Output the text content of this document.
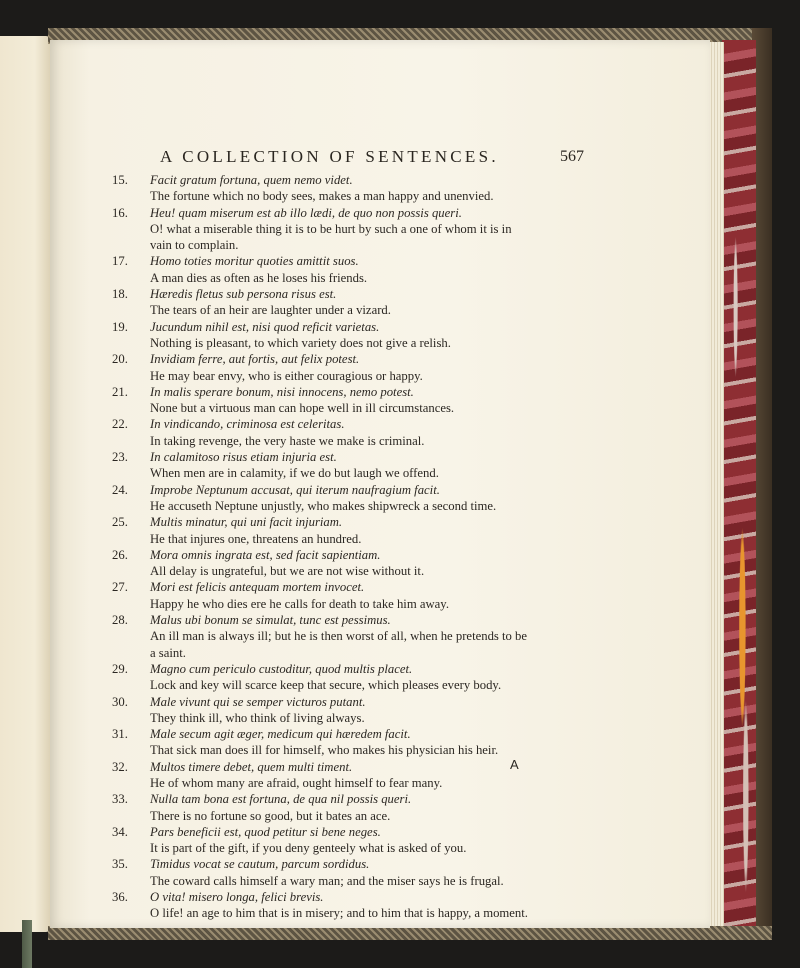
A COLLECTION OF SENTENCES.	567
15.	Facit gratum fortuna, quem nemo videt.
The fortune which no body sees, makes a man happy and unenvied.
16.	Heu! quam miserum est ab illo lædi, de quo non possis queri.
O! what a miserable thing it is to be hurt by such a one of whom it is in
vain to complain.
17.	Homo toties moritur quoties amittit suos.
A man dies as often as he loses his friends.
18.	Hæredis fletus sub persona risus est.
The tears of an heir are laughter under a vizard.
19.	Jucundum nihil est, nisi quod reficit varietas.
Nothing is pleasant, to which variety does not give a relish.
20.	Invidiam ferre, aut fortis, aut felix potest.
He may bear envy, who is either couragious or happy.
21.	In malis sperare bonum, nisi innocens, nemo potest.
None but a virtuous man can hope well in ill circumstances.
22.	In vindicando, criminosa est celeritas.
In taking revenge, the very haste we make is criminal.
23.	In calamitoso risus etiam injuria est.
When men are in calamity, if we do but laugh we offend.
24.	Improbe Neptunum accusat, qui iterum naufragium facit.
He accuseth Neptune unjustly, who makes shipwreck a second time.
25.	Multis minatur, qui uni facit injuriam.
He that injures one, threatens an hundred.
26.	Mora omnis ingrata est, sed facit sapientiam.
All delay is ungrateful, but we are not wise without it.
27.	Mori est felicis antequam mortem invocet.
Happy he who dies ere he calls for death to take him away.
28.	Malus ubi bonum se simulat, tunc est pessimus.
An ill man is always ill; but he is then worst of all, when he pretends to be
a saint.
29.	Magno cum periculo custoditur, quod multis placet.
Lock and key will scarce keep that secure, which pleases every body.
30.	Male vivunt qui se semper victuros putant.
They think ill, who think of living always.
31.	Male secum agit æger, medicum qui hæredem facit.
That sick man does ill for himself, who makes his physician his heir.
32.	Multos timere debet, quem multi timent.
He of whom many are afraid, ought himself to fear many.
33.	Nulla tam bona est fortuna, de qua nil possis queri.
There is no fortune so good, but it bates an ace.
34.	Pars beneficii est, quod petitur si bene neges.
It is part of the gift, if you deny genteely what is asked of you.
35.	Timidus vocat se cautum, parcum sordidus.
The coward calls himself a wary man; and the miser says he is frugal.
36.	O vita! misero longa, felici brevis.
O life! an age to him that is in misery; and to him that is happy, a moment.
A
